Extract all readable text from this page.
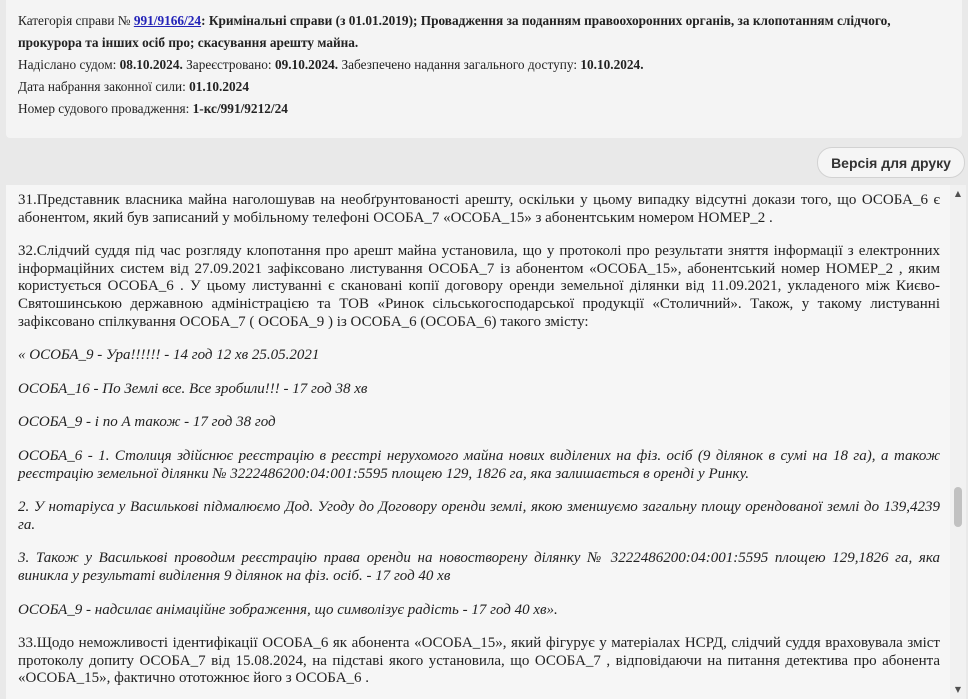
Категорія справи № 991/9166/24: Кримінальні справи (з 01.01.2019); Провадження за поданням правоохоронних органів, за клопотанням слідчого, прокурора та інших осіб про; скасування арешту майна.
Надіслано судом: 08.10.2024. Зареєстровано: 09.10.2024. Забезпечено надання загального доступу: 10.10.2024.
Дата набрання законної сили: 01.10.2024
Номер судового провадження: 1-кс/991/9212/24
Версія для друку

31.Представник власника майна наголошував на необґрунтованості арешту, оскільки у цьому випадку відсутні докази того, що ОСОБА_6 є абонентом, який був записаний у мобільному телефоні ОСОБА_7 «ОСОБА_15» з абонентським номером НОМЕР_2 .

32.Слідчий суддя під час розгляду клопотання про арешт майна установила, що у протоколі про результати зняття інформації з електронних інформаційних систем від 27.09.2021 зафіксовано листування ОСОБА_7 із абонентом «ОСОБА_15», абонентський номер НОМЕР_2 , яким користується ОСОБА_6 . У цьому листуванні є скановані копії договору оренди земельної ділянки від 11.09.2021, укладеного між Києво-Святошинською державною адміністрацією та ТОВ «Ринок сільськогосподарської продукції «Столичний». Також, у такому листуванні зафіксовано спілкування ОСОБА_7 ( ОСОБА_9 ) із ОСОБА_6 (ОСОБА_6) такого змісту:

« ОСОБА_9 - Ура!!!!!! - 14 год 12 хв 25.05.2021

ОСОБА_16 - По Землі все. Все зробили!!! - 17 год 38 хв

ОСОБА_9 - і по А також - 17 год 38 год

ОСОБА_6 - 1. Столиця здійснює реєстрацію в реєстрі нерухомого майна нових виділених на фіз. осіб (9 ділянок в сумі на 18 га), а також реєстрацію земельної ділянки № 3222486200:04:001:5595 площею 129, 1826 га, яка залишається в оренді у Ринку.

2. У нотаріуса у Василькові підмалюємо Дод. Угоду до Договору оренди землі, якою зменшуємо загальну площу орендованої землі до 139,4239 га.

3. Також у Василькові проводим реєстрацію права оренди на новостворену ділянку № 3222486200:04:001:5595 площею 129,1826 га, яка виникла у результаті виділення 9 ділянок на фіз. осіб. - 17 год 40 хв

ОСОБА_9 - надсилає анімаційне зображення, що символізує радість - 17 год 40 хв».

33.Щодо неможливості ідентифікації ОСОБА_6 як абонента «ОСОБА_15», який фігурує у матеріалах НСРД, слідчий суддя враховувала зміст протоколу допиту ОСОБА_7 від 15.08.2024, на підставі якого установила, що ОСОБА_7 , відповідаючи на питання детектива про абонента «ОСОБА_15», фактично ототожнює його з ОСОБА_6 .

▲
▼
